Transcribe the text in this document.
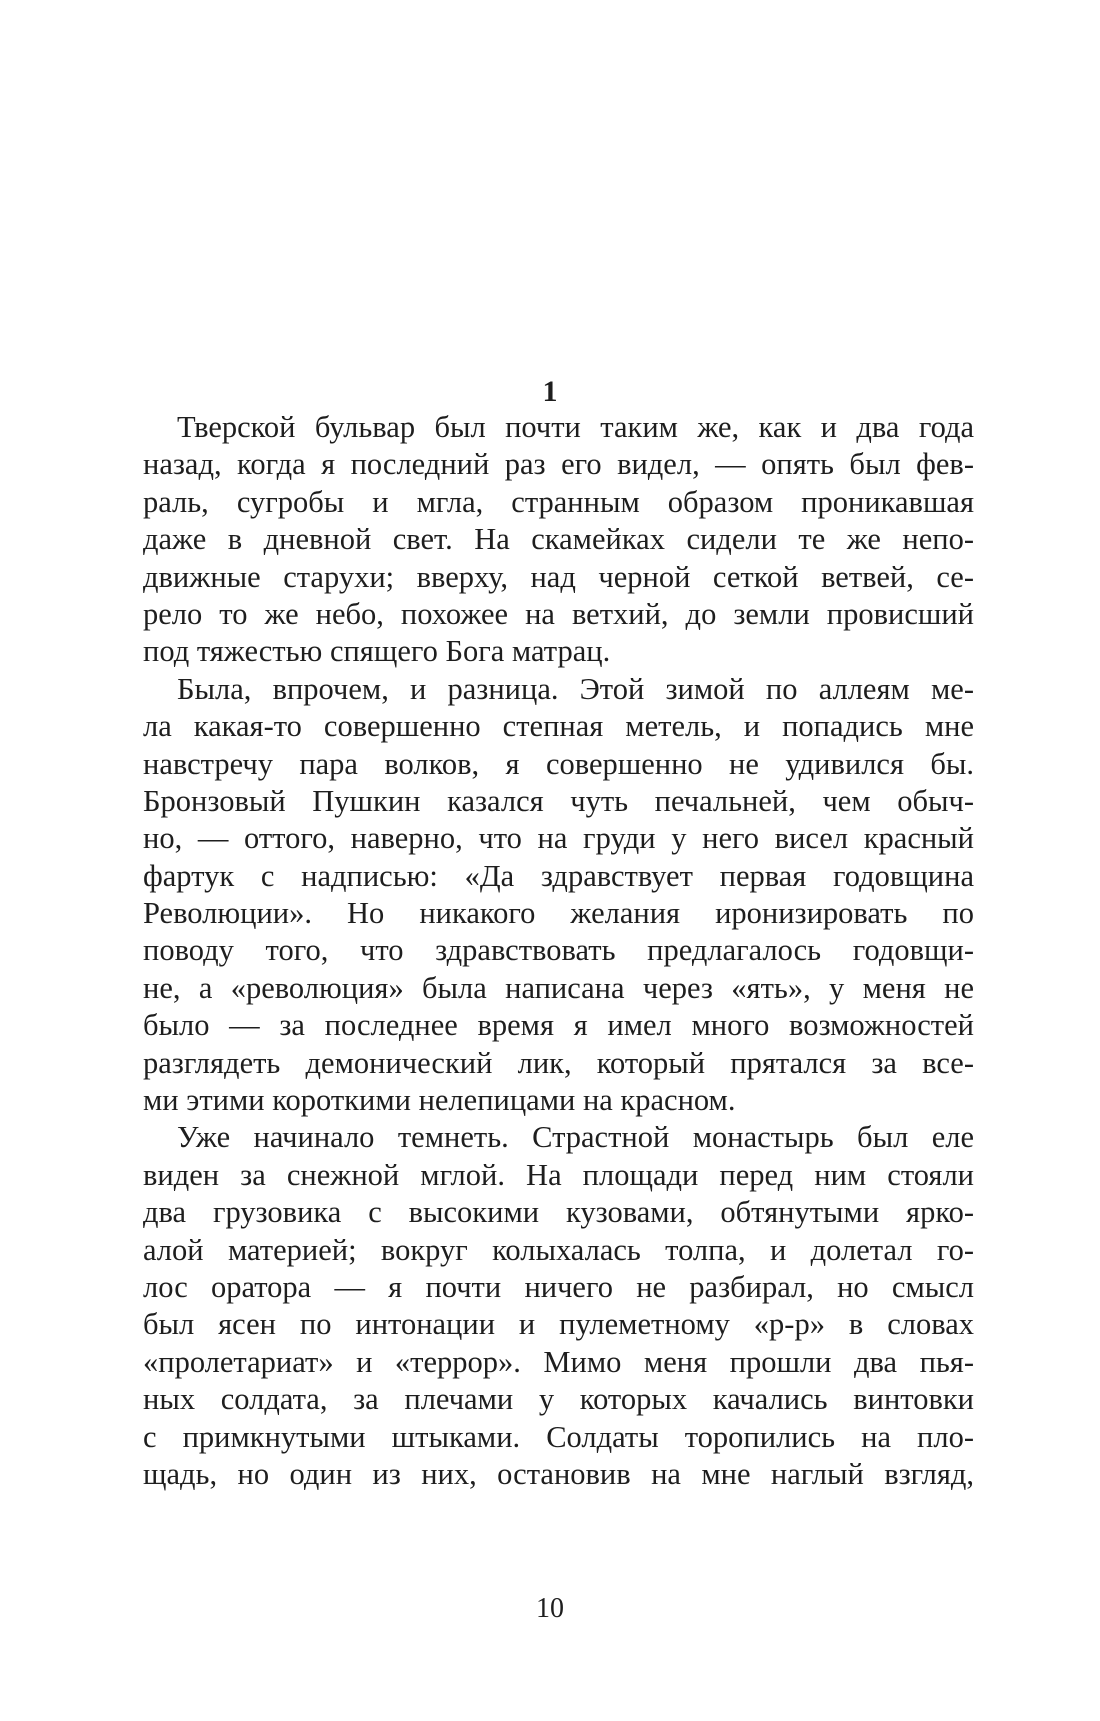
1
Тверской бульвар был почти таким же, как и два года
назад, когда я последний раз его видел, — опять был фев-
раль, сугробы и мгла, странным образом проникавшая
даже в дневной свет. На скамейках сидели те же непо-
движные старухи; вверху, над черной сеткой ветвей, се-
рело то же небо, похожее на ветхий, до земли провисший
под тяжестью спящего Бога матрац.
Была, впрочем, и разница. Этой зимой по аллеям ме-
ла какая-то совершенно степная метель, и попадись мне
навстречу пара волков, я совершенно не удивился бы.
Бронзовый Пушкин казался чуть печальней, чем обыч-
но, — оттого, наверно, что на груди у него висел красный
фартук с надписью: «Да здравствует первая годовщина
Революции». Но никакого желания иронизировать по
поводу того, что здравствовать предлагалось годовщи-
не, а «революция» была написана через «ять», у меня не
было — за последнее время я имел много возможностей
разглядеть демонический лик, который прятался за все-
ми этими короткими нелепицами на красном.
Уже начинало темнеть. Страстной монастырь был еле
виден за снежной мглой. На площади перед ним стояли
два грузовика с высокими кузовами, обтянутыми ярко-
алой материей; вокруг колыхалась толпа, и долетал го-
лос оратора — я почти ничего не разбирал, но смысл
был ясен по интонации и пулеметному «р-р» в словах
«пролетариат» и «террор». Мимо меня прошли два пья-
ных солдата, за плечами у которых качались винтовки
с примкнутыми штыками. Солдаты торопились на пло-
щадь, но один из них, остановив на мне наглый взгляд,
10
